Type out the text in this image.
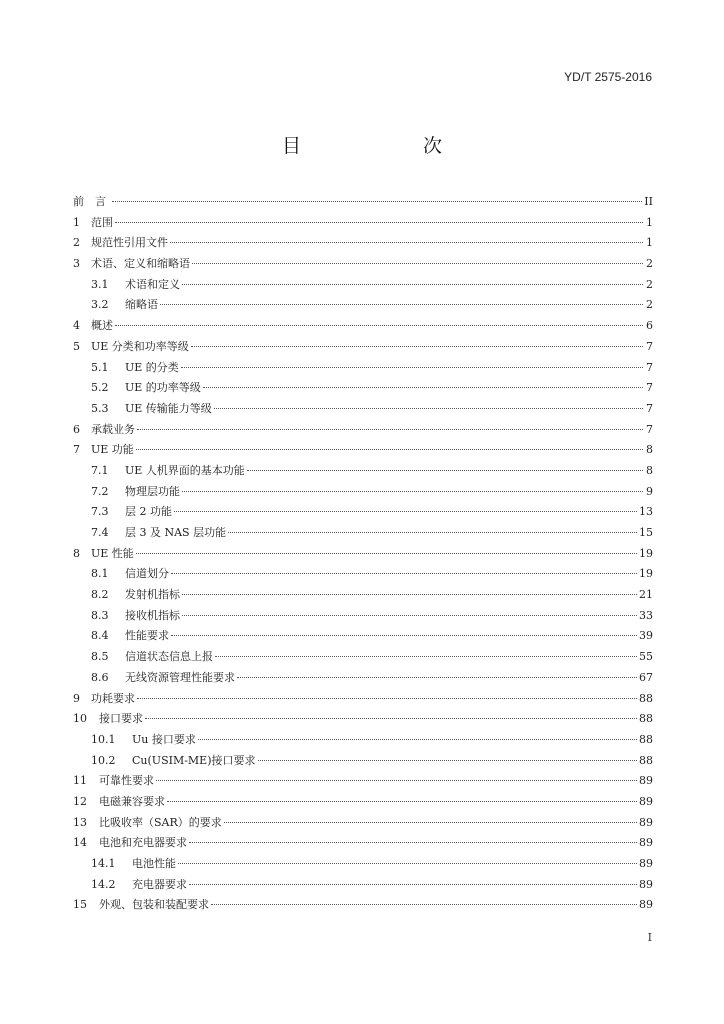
YD/T 2575-2016
目　　次
前　言	II
1	范围	1
2	规范性引用文件	1
3	术语、定义和缩略语	2
3.1	术语和定义	2
3.2	缩略语	2
4	概述	6
5	UE 分类和功率等级	7
5.1	UE 的分类	7
5.2	UE 的功率等级	7
5.3	UE 传输能力等级	7
6	承载业务	7
7	UE 功能	8
7.1	UE 人机界面的基本功能	8
7.2	物理层功能	9
7.3	层 2 功能	13
7.4	层 3 及 NAS 层功能	15
8	UE 性能	19
8.1	信道划分	19
8.2	发射机指标	21
8.3	接收机指标	33
8.4	性能要求	39
8.5	信道状态信息上报	55
8.6	无线资源管理性能要求	67
9	功耗要求	88
10	接口要求	88
10.1	Uu 接口要求	88
10.2	Cu(USIM-ME)接口要求	88
11	可靠性要求	89
12	电磁兼容要求	89
13	比吸收率（SAR）的要求	89
14	电池和充电器要求	89
14.1	电池性能	89
14.2	充电器要求	89
15	外观、包装和装配要求	89
I
